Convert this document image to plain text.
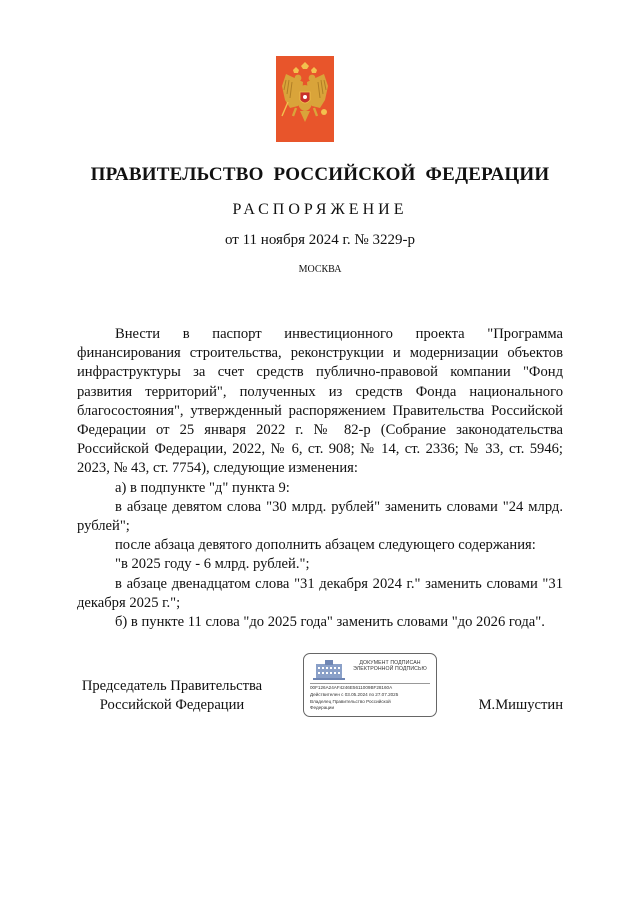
ПРАВИТЕЛЬСТВО РОССИЙСКОЙ ФЕДЕРАЦИИ
РАСПОРЯЖЕНИЕ
от 11 ноября 2024 г. № 3229-р
МОСКВА

Внести в паспорт инвестиционного проекта "Программа финансирования строительства, реконструкции и модернизации объектов инфраструктуры за счет средств публично-правовой компании "Фонд развития территорий", полученных из средств Фонда национального благосостояния", утвержденный распоряжением Правительства Российской Федерации от 25 января 2022 г. № 82-р (Собрание законодательства Российской Федерации, 2022, № 6, ст. 908; № 14, ст. 2336; № 33, ст. 5946; 2023, № 43, ст. 7754), следующие изменения:

а) в подпункте "д" пункта 9:

в абзаце девятом слова "30 млрд. рублей" заменить словами "24 млрд. рублей";

после абзаца девятого дополнить абзацем следующего содержания:

"в 2025 году - 6 млрд. рублей.";

в абзаце двенадцатом слова "31 декабря 2024 г." заменить словами "31 декабря 2025 г.";

б) в пункте 11 слова "до 2025 года" заменить словами "до 2026 года".

Председатель Правительства
Российской Федерации
ДОКУМЕНТ ПОДПИСАН
ЭЛЕКТРОННОЙ ПОДПИСЬЮ
00F126A24AF4246E5611009BF28160A
Действителен с 03.05.2024 по 27.07.2025
Владелец Правительство Российской
Федерации	М.Мишустин
